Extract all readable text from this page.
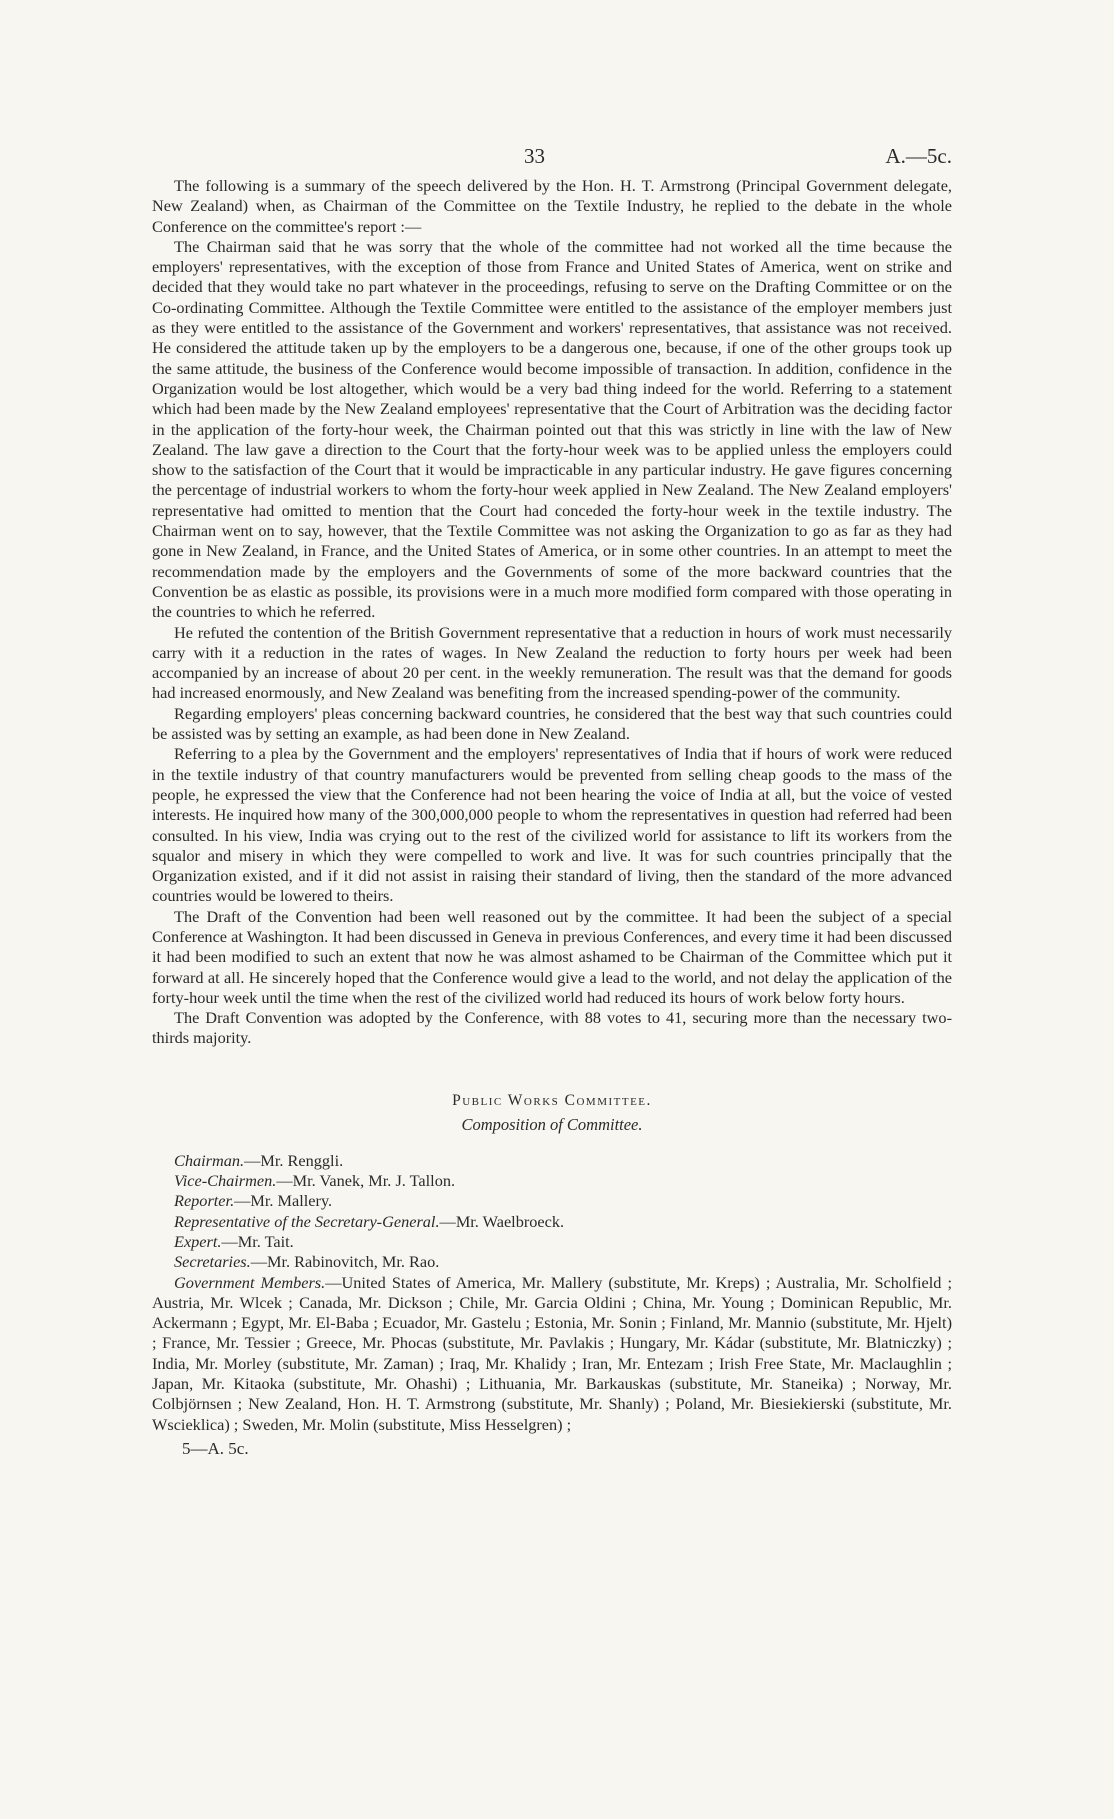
33	A.—5c.

The following is a summary of the speech delivered by the Hon. H. T. Armstrong (Principal Government delegate, New Zealand) when, as Chairman of the Committee on the Textile Industry, he replied to the debate in the whole Conference on the committee's report :—

The Chairman said that he was sorry that the whole of the committee had not worked all the time because the employers' representatives, with the exception of those from France and United States of America, went on strike and decided that they would take no part whatever in the proceedings, refusing to serve on the Drafting Committee or on the Co-ordinating Committee. Although the Textile Committee were entitled to the assistance of the employer members just as they were entitled to the assistance of the Government and workers' representatives, that assistance was not received. He considered the attitude taken up by the employers to be a dangerous one, because, if one of the other groups took up the same attitude, the business of the Conference would become impossible of transaction. In addition, confidence in the Organization would be lost altogether, which would be a very bad thing indeed for the world. Referring to a statement which had been made by the New Zealand employees' representative that the Court of Arbitration was the deciding factor in the application of the forty-hour week, the Chairman pointed out that this was strictly in line with the law of New Zealand. The law gave a direction to the Court that the forty-hour week was to be applied unless the employers could show to the satisfaction of the Court that it would be impracticable in any particular industry. He gave figures concerning the percentage of industrial workers to whom the forty-hour week applied in New Zealand. The New Zealand employers' representative had omitted to mention that the Court had conceded the forty-hour week in the textile industry. The Chairman went on to say, however, that the Textile Committee was not asking the Organization to go as far as they had gone in New Zealand, in France, and the United States of America, or in some other countries. In an attempt to meet the recommendation made by the employers and the Governments of some of the more backward countries that the Convention be as elastic as possible, its provisions were in a much more modified form compared with those operating in the countries to which he referred.

He refuted the contention of the British Government representative that a reduction in hours of work must necessarily carry with it a reduction in the rates of wages. In New Zealand the reduction to forty hours per week had been accompanied by an increase of about 20 per cent. in the weekly remuneration. The result was that the demand for goods had increased enormously, and New Zealand was benefiting from the increased spending-power of the community.

Regarding employers' pleas concerning backward countries, he considered that the best way that such countries could be assisted was by setting an example, as had been done in New Zealand.

Referring to a plea by the Government and the employers' representatives of India that if hours of work were reduced in the textile industry of that country manufacturers would be prevented from selling cheap goods to the mass of the people, he expressed the view that the Conference had not been hearing the voice of India at all, but the voice of vested interests. He inquired how many of the 300,000,000 people to whom the representatives in question had referred had been consulted. In his view, India was crying out to the rest of the civilized world for assistance to lift its workers from the squalor and misery in which they were compelled to work and live. It was for such countries principally that the Organization existed, and if it did not assist in raising their standard of living, then the standard of the more advanced countries would be lowered to theirs.

The Draft of the Convention had been well reasoned out by the committee. It had been the subject of a special Conference at Washington. It had been discussed in Geneva in previous Conferences, and every time it had been discussed it had been modified to such an extent that now he was almost ashamed to be Chairman of the Committee which put it forward at all. He sincerely hoped that the Conference would give a lead to the world, and not delay the application of the forty-hour week until the time when the rest of the civilized world had reduced its hours of work below forty hours.

The Draft Convention was adopted by the Conference, with 88 votes to 41, securing more than the necessary two-thirds majority.

Public Works Committee.
Composition of Committee.

Chairman.—Mr. Renggli.

Vice-Chairmen.—Mr. Vanek, Mr. J. Tallon.

Reporter.—Mr. Mallery.

Representative of the Secretary-General.—Mr. Waelbroeck.

Expert.—Mr. Tait.

Secretaries.—Mr. Rabinovitch, Mr. Rao.

Government Members.—United States of America, Mr. Mallery (substitute, Mr. Kreps) ; Australia, Mr. Scholfield ; Austria, Mr. Wlcek ; Canada, Mr. Dickson ; Chile, Mr. Garcia Oldini ; China, Mr. Young ; Dominican Republic, Mr. Ackermann ; Egypt, Mr. El-Baba ; Ecuador, Mr. Gastelu ; Estonia, Mr. Sonin ; Finland, Mr. Mannio (substitute, Mr. Hjelt) ; France, Mr. Tessier ; Greece, Mr. Phocas (substitute, Mr. Pavlakis ; Hungary, Mr. Kádar (substitute, Mr. Blatniczky) ; India, Mr. Morley (substitute, Mr. Zaman) ; Iraq, Mr. Khalidy ; Iran, Mr. Entezam ; Irish Free State, Mr. Maclaughlin ; Japan, Mr. Kitaoka (substitute, Mr. Ohashi) ; Lithuania, Mr. Barkauskas (substitute, Mr. Staneika) ; Norway, Mr. Colbjörnsen ; New Zealand, Hon. H. T. Armstrong (substitute, Mr. Shanly) ; Poland, Mr. Biesiekierski (substitute, Mr. Wscieklica) ; Sweden, Mr. Molin (substitute, Miss Hesselgren) ;

5—A. 5c.
